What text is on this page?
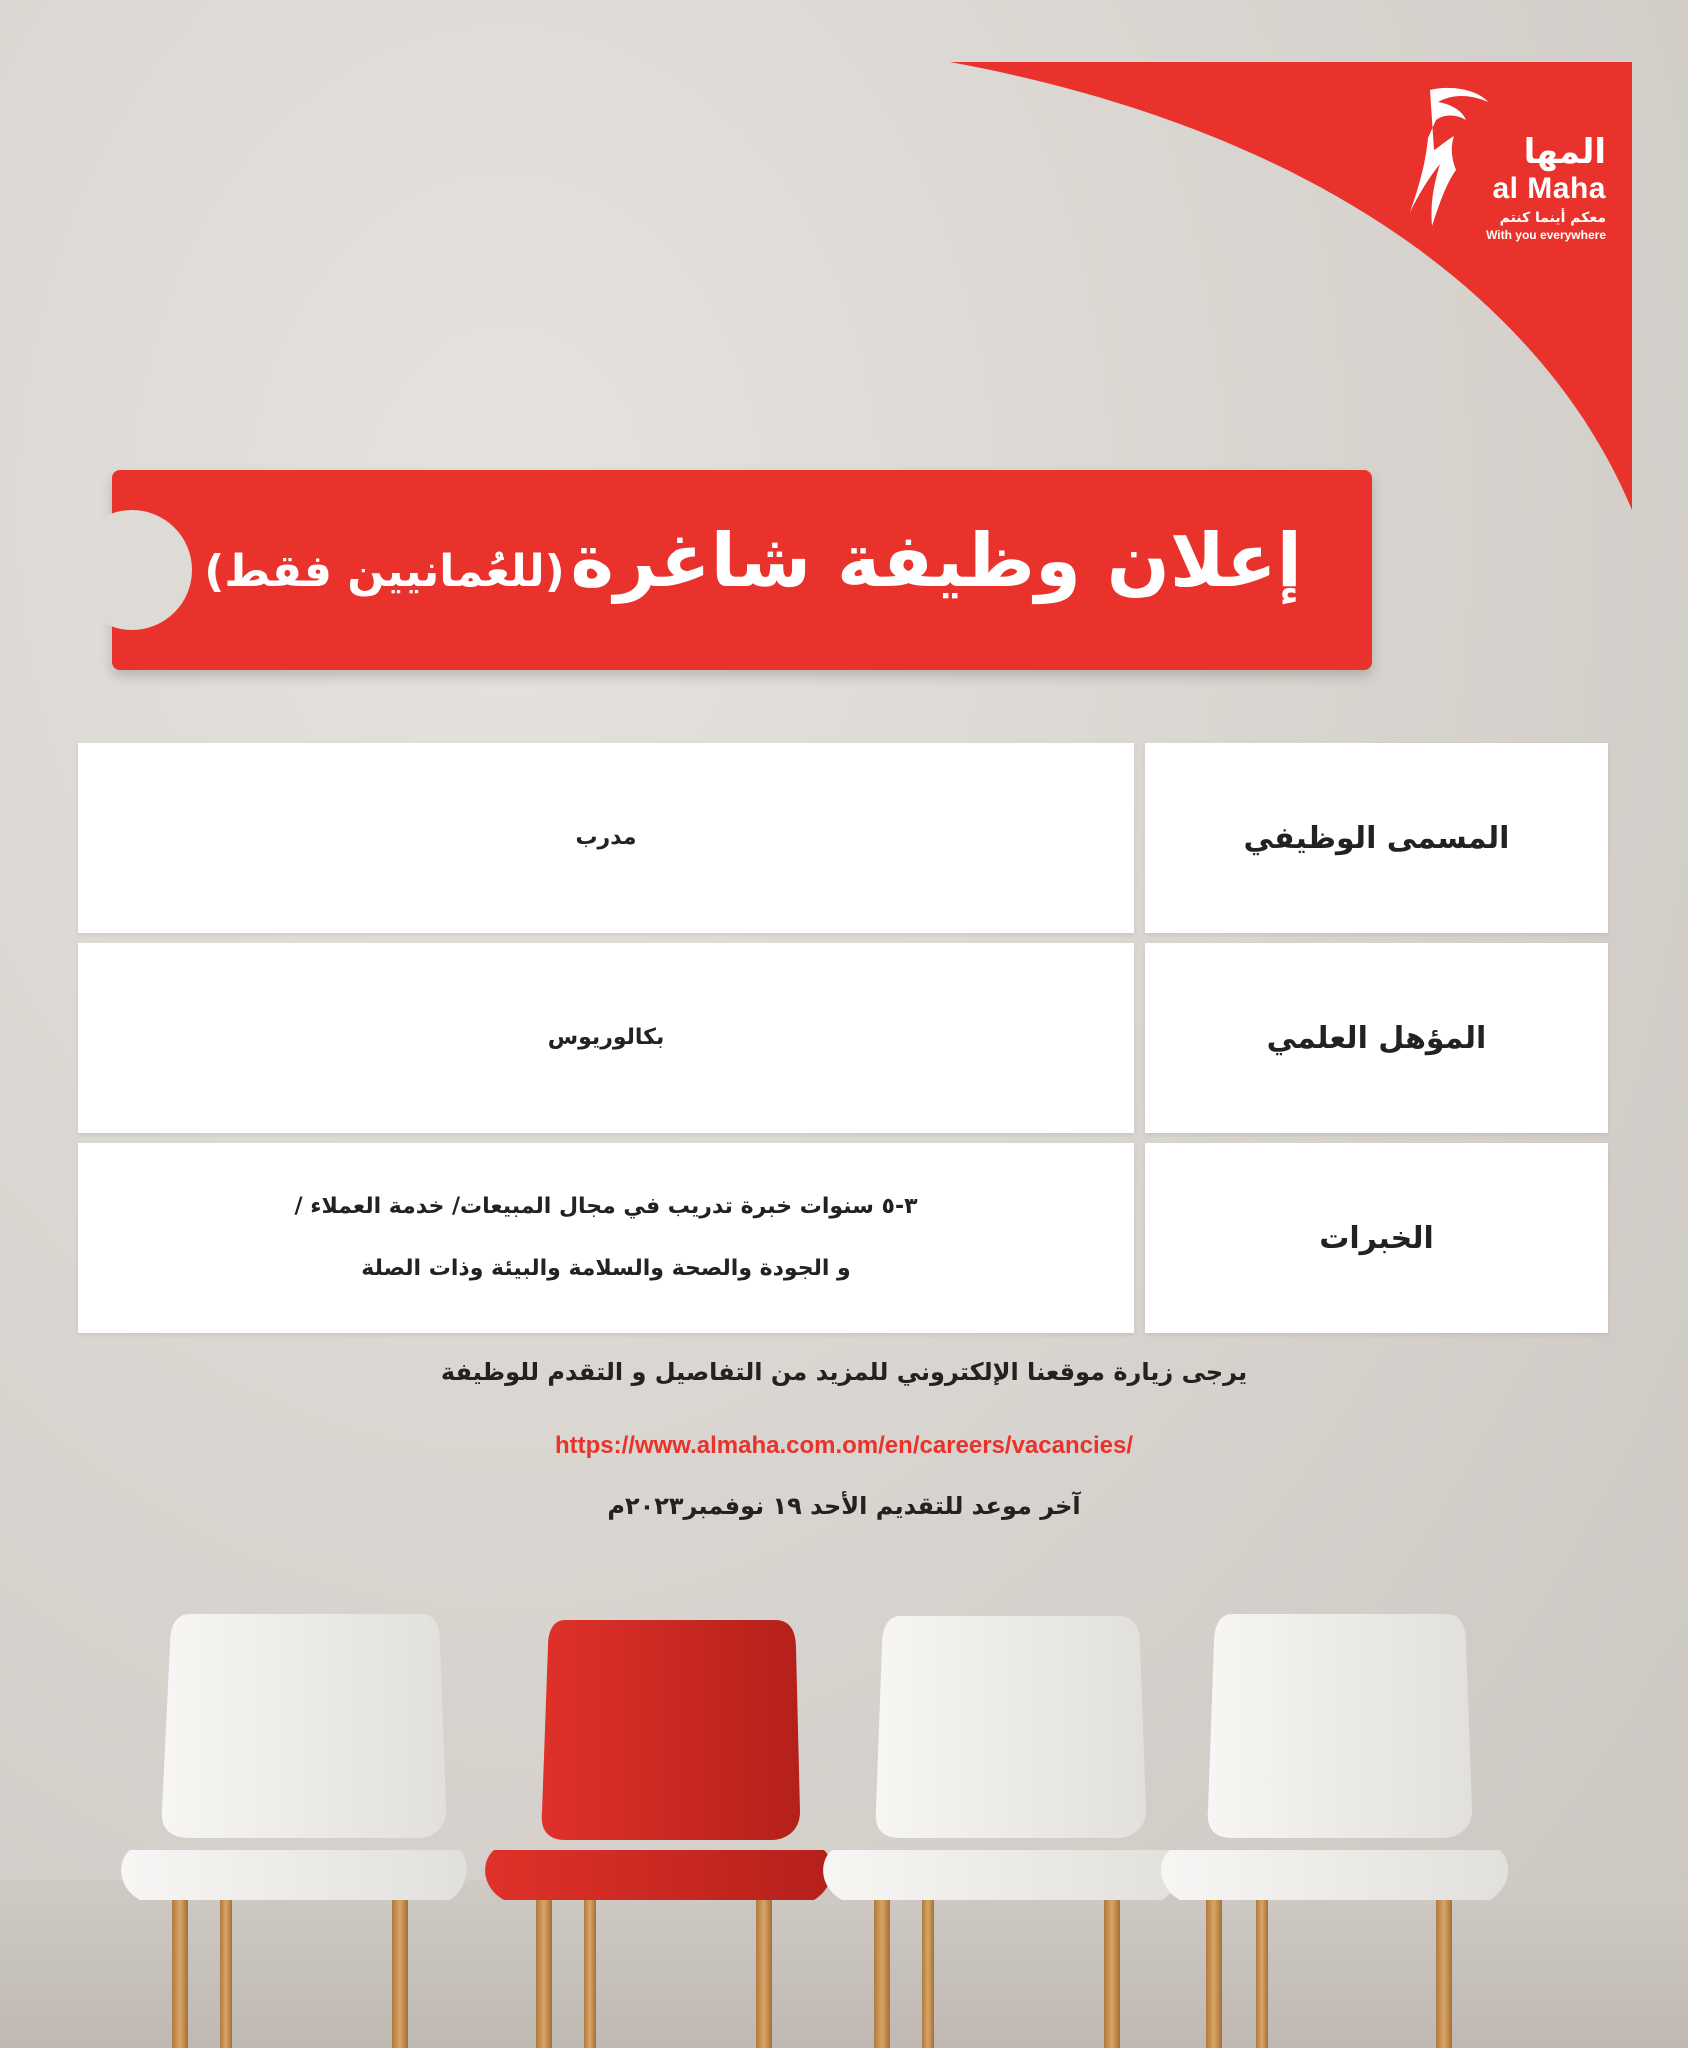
المها
al Maha
معكم أينما كنتم
With you everywhere
إعلان وظيفة شاغرة (للعُمانيين فقط)
المسمى الوظيفي
مدرب
المؤهل العلمي
بكالوريوس
الخبرات
٣-٥ سنوات خبرة تدريب في مجال المبيعات/ خدمة العملاء /
و الجودة والصحة والسلامة والبيئة وذات الصلة
يرجى زيارة موقعنا الإلكتروني للمزيد من التفاصيل و التقدم للوظيفة
https://www.almaha.com.om/en/careers/vacancies/
آخر موعد للتقديم الأحد ١٩ نوفمبر٢٠٢٣م
